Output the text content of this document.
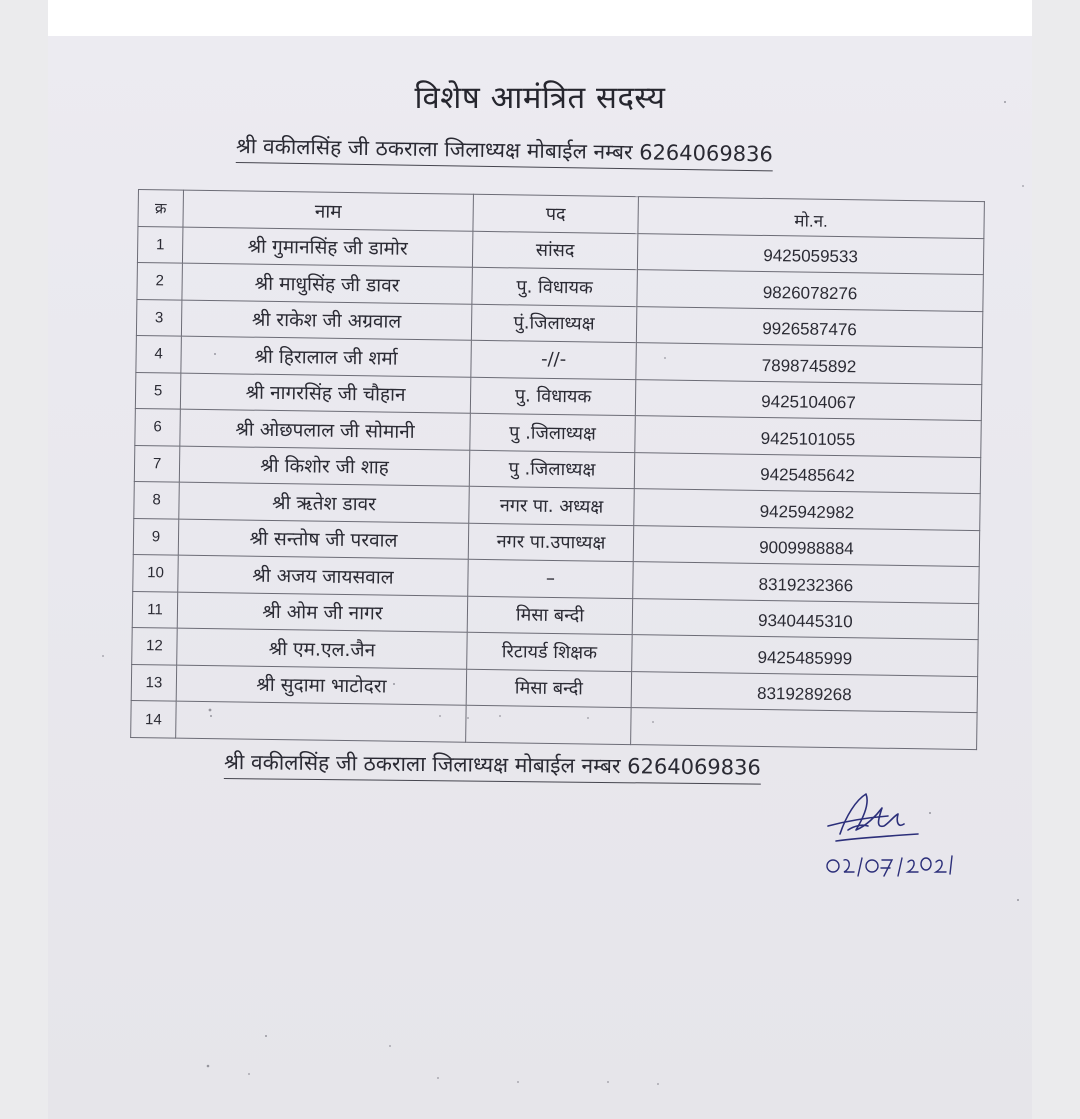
विशेष आमंत्रित सदस्य
श्री वकीलसिंह जी ठकराला जिलाध्यक्ष मोबाईल नम्बर 6264069836
क्र	नाम	पद	मो.न.
1	श्री गुमानसिंह जी डामोर	सांसद	9425059533
2	श्री माधुसिंह जी डावर	पु. विधायक	9826078276
3	श्री राकेश जी अग्रवाल	पुं.जिलाध्यक्ष	9926587476
4	श्री हिरालाल जी शर्मा	-//-	7898745892
5	श्री नागरसिंह जी चौहान	पु. विधायक	9425104067
6	श्री ओछपलाल जी सोमानी	पु .जिलाध्यक्ष	9425101055
7	श्री किशोर जी शाह	पु .जिलाध्यक्ष	9425485642
8	श्री ऋतेश डावर	नगर पा. अध्यक्ष	9425942982
9	श्री सन्तोष जी परवाल	नगर पा.उपाध्यक्ष	9009988884
10	श्री अजय जायसवाल	–	8319232366
11	श्री ओम जी नागर	मिसा बन्दी	9340445310
12	श्री एम.एल.जैन	रिटायर्ड शिक्षक	9425485999
13	श्री सुदामा भाटोदरा	मिसा बन्दी	8319289268
14			
श्री वकीलसिंह जी ठकराला जिलाध्यक्ष मोबाईल नम्बर 6264069836
